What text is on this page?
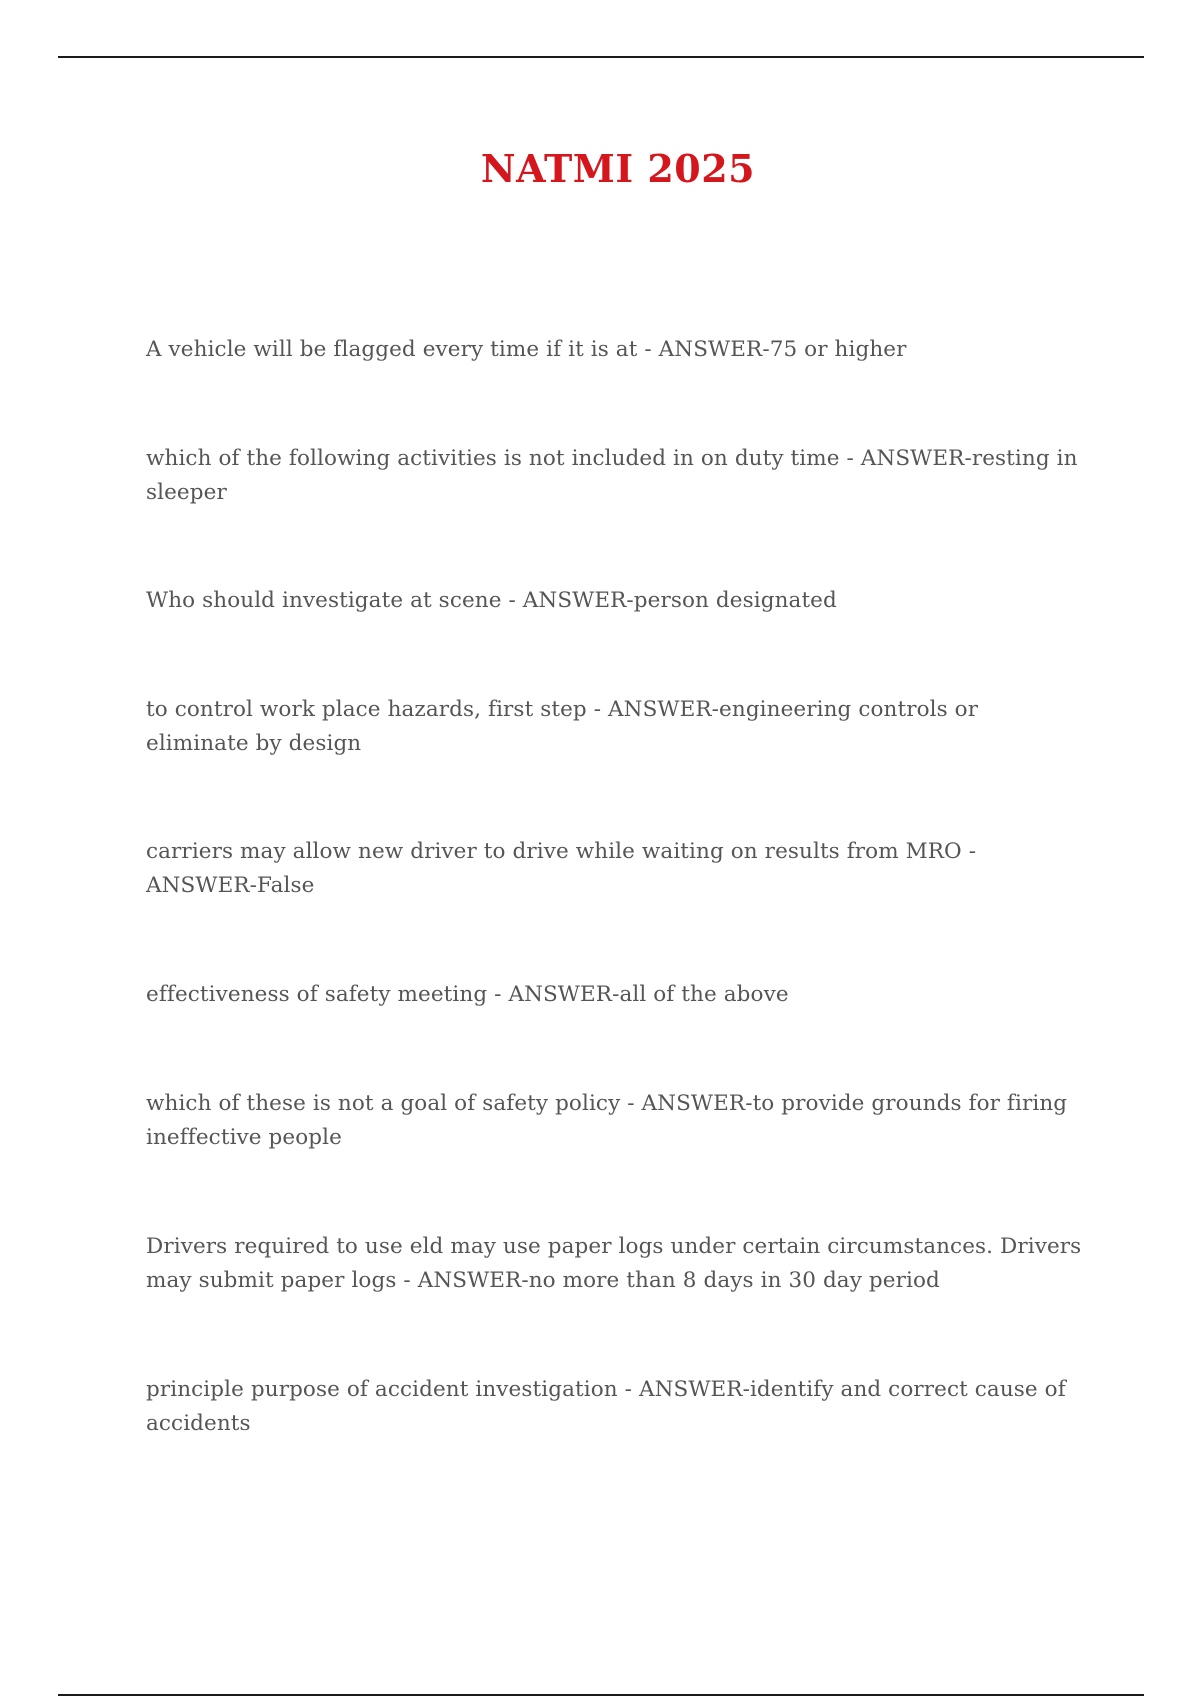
NATMI 2025
A vehicle will be flagged every time if it is at - ANSWER-75 or higher
which of the following activities is not included in on duty time - ANSWER-resting in sleeper
Who should investigate at scene - ANSWER-person designated
to control work place hazards, first step - ANSWER-engineering controls or eliminate by design
carriers may allow new driver to drive while waiting on results from MRO - ANSWER-False
effectiveness of safety meeting - ANSWER-all of the above
which of these is not a goal of safety policy - ANSWER-to provide grounds for firing ineffective people
Drivers required to use eld may use paper logs under certain circumstances. Drivers may submit paper logs - ANSWER-no more than 8 days in 30 day period
principle purpose of accident investigation - ANSWER-identify and correct cause of accidents
